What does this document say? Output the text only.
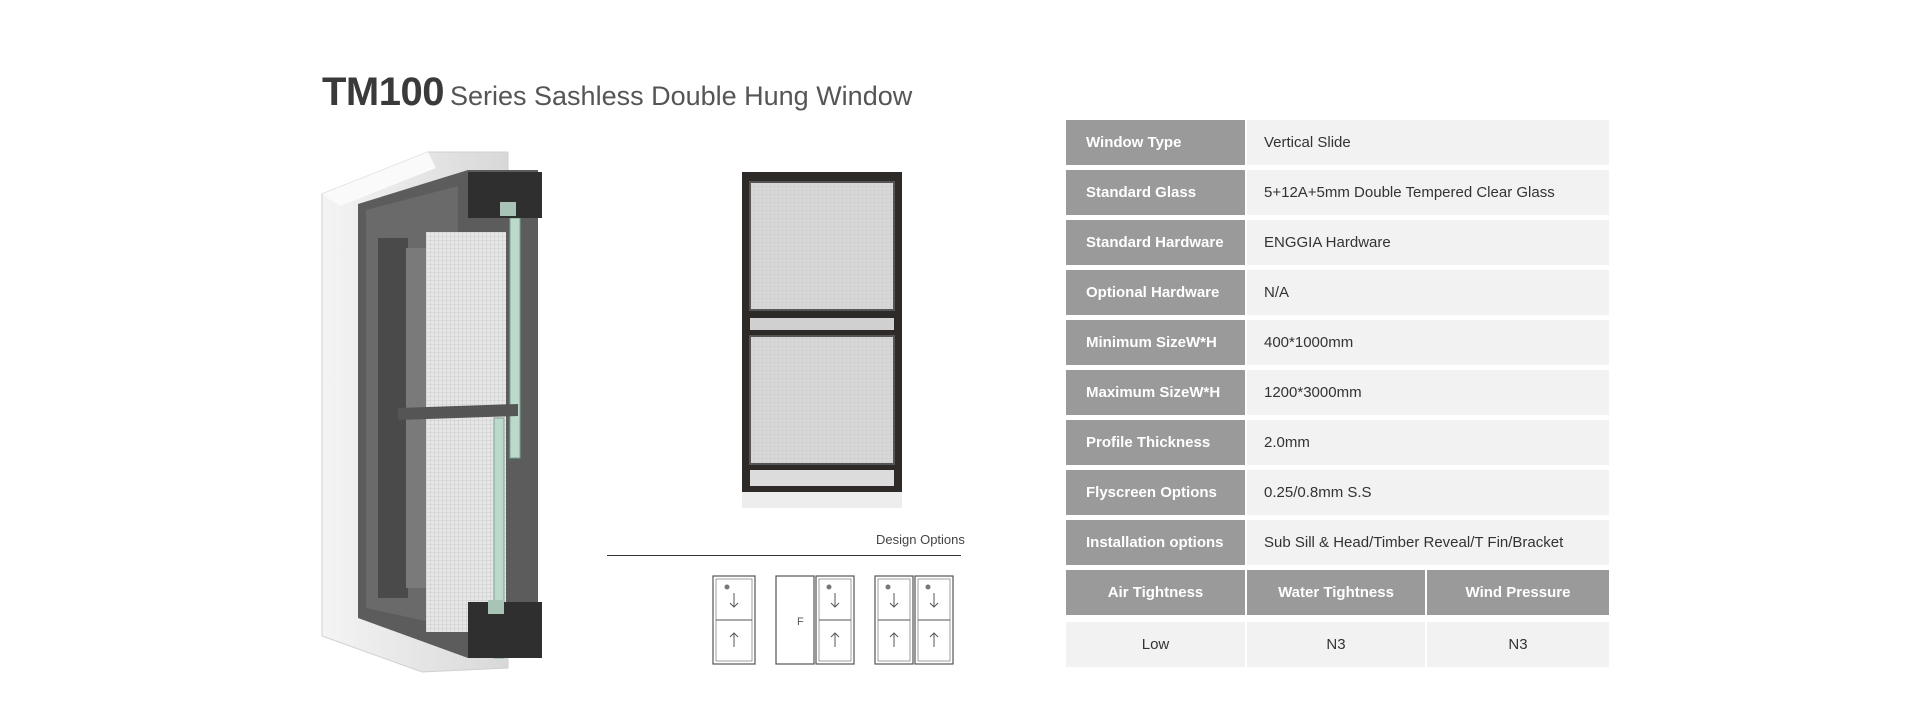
TM100 Series Sashless Double Hung Window
Design Options
F
Window Type	Vertical Slide
Standard Glass	5+12A+5mm Double Tempered Clear Glass
Standard Hardware	ENGGIA Hardware
Optional Hardware	N/A
Minimum SizeW*H	400*1000mm
Maximum SizeW*H	1200*3000mm
Profile Thickness	2.0mm
Flyscreen Options	0.25/0.8mm S.S
Installation options	Sub Sill & Head/Timber Reveal/T Fin/Bracket
Air Tightness	Water Tightness	Wind Pressure
Low	N3	N3
